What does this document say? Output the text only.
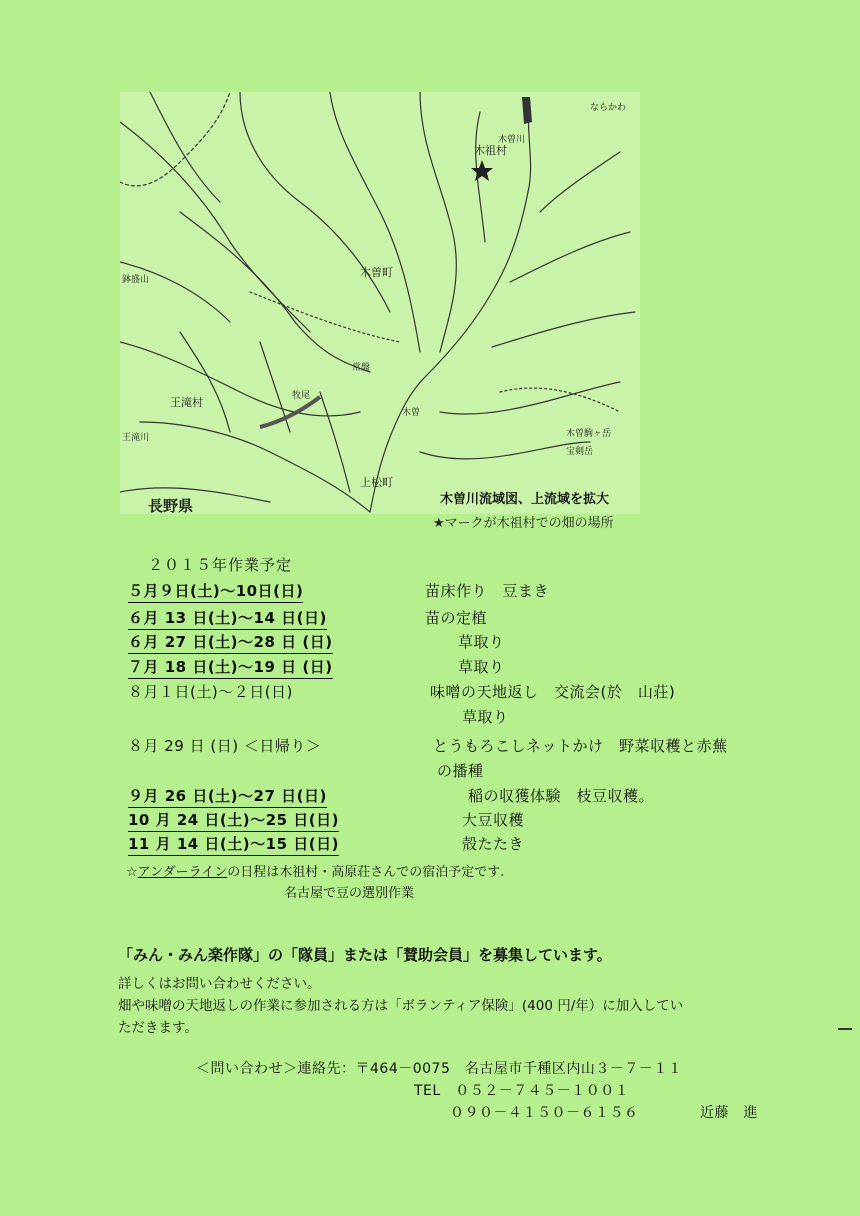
木祖村
木曽町
王滝村
王滝川
上松町
長野県
木曽川
牧尾
常盤
木曽
鉢盛山
木曽駒ヶ岳
宝剣岳
ならかわ
木曽川流域図、上流域を拡大
★マークが木祖村での畑の場所
２０１５年作業予定
５月９日(土)～10日(日)	苗床作り　豆まき
６月 13 日(土)～14 日(日)	苗の定植
６月 27 日(土)～28 日 (日)	草取り
７月 18 日(土)～19 日 (日)	草取り
８月１日(土)～２日(日)	味噌の天地返し　交流会(於　山荘)
草取り
８月 29 日 (日) ＜日帰り＞	とうもろこしネットかけ　野菜収穫と赤蕪
の播種
９月 26 日(土)～27 日(日)	稲の収獲体験　枝豆収穫。
10 月 24 日(土)～25 日(日)	大豆収穫
11 月 14 日(土)～15 日(日)	殻たたき
☆アンダーラインの日程は木祖村・高原荘さんでの宿泊予定です.
名古屋で豆の選別作業
「みん・みん楽作隊」の「隊員」または「賛助会員」を募集しています。
詳しくはお問い合わせください。
畑や味噌の天地返しの作業に参加される方は「ボランティア保険」(400 円/年）に加入してい
ただきます。
＜問い合わせ＞連絡先：〒464－0075　名古屋市千種区内山３－７－１１
TEL　０５２－７４５－１００１
０９０－４１５０－６１５６	近藤　進
